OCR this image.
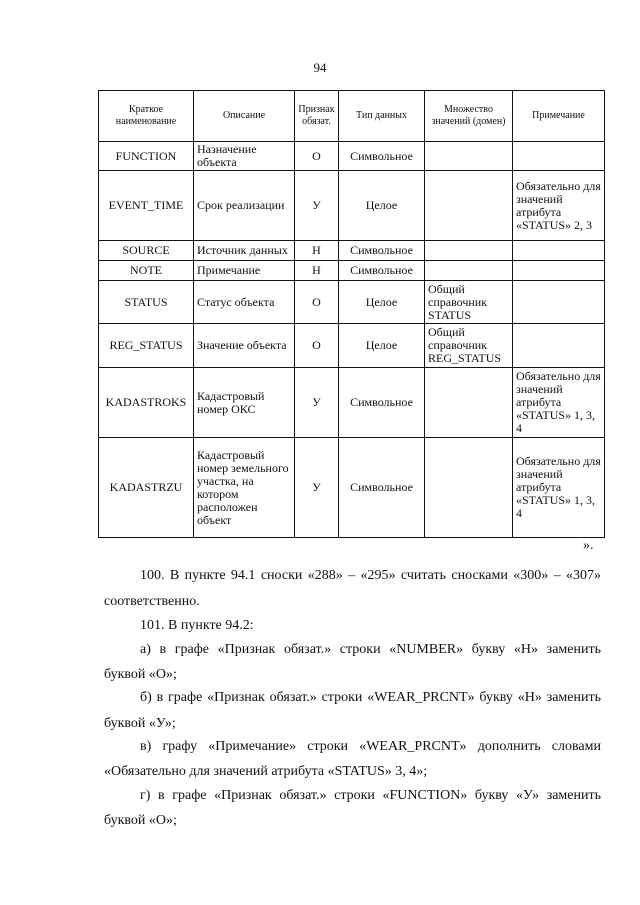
94
Краткое наименование	Описание	Признак обязат.	Тип данных	Множество значений (домен)	Примечание
FUNCTION	Назначение объекта	О	Символьное		
EVENT_TIME	Срок реализации	У	Целое		Обязательно для значений атрибута «STATUS» 2, 3
SOURCE	Источник данных	Н	Символьное		
NOTE	Примечание	Н	Символьное		
STATUS	Статус объекта	О	Целое	Общий справочник STATUS	
REG_STATUS	Значение объекта	О	Целое	Общий справочник REG_STATUS	
KADASTROKS	Кадастровый номер ОКС	У	Символьное		Обязательно для значений атрибута «STATUS» 1, 3, 4
KADASTRZU	Кадастровый номер земельного участка, на котором расположен объект	У	Символьное		Обязательно для значений атрибута «STATUS» 1, 3, 4
».
100. В пункте 94.1 сноски «288» – «295» считать сносками «300» – «307»
соответственно.
101. В пункте 94.2:
а) в графе «Признак обязат.» строки «NUMBER» букву «Н» заменить
буквой «О»;
б) в графе «Признак обязат.» строки «WEAR_PRCNT» букву «Н» заменить
буквой «У»;
в) графу «Примечание» строки «WEAR_PRCNT» дополнить словами
«Обязательно для значений атрибута «STATUS» 3, 4»;
г) в графе «Признак обязат.» строки «FUNCTION» букву «У» заменить
буквой «О»;
